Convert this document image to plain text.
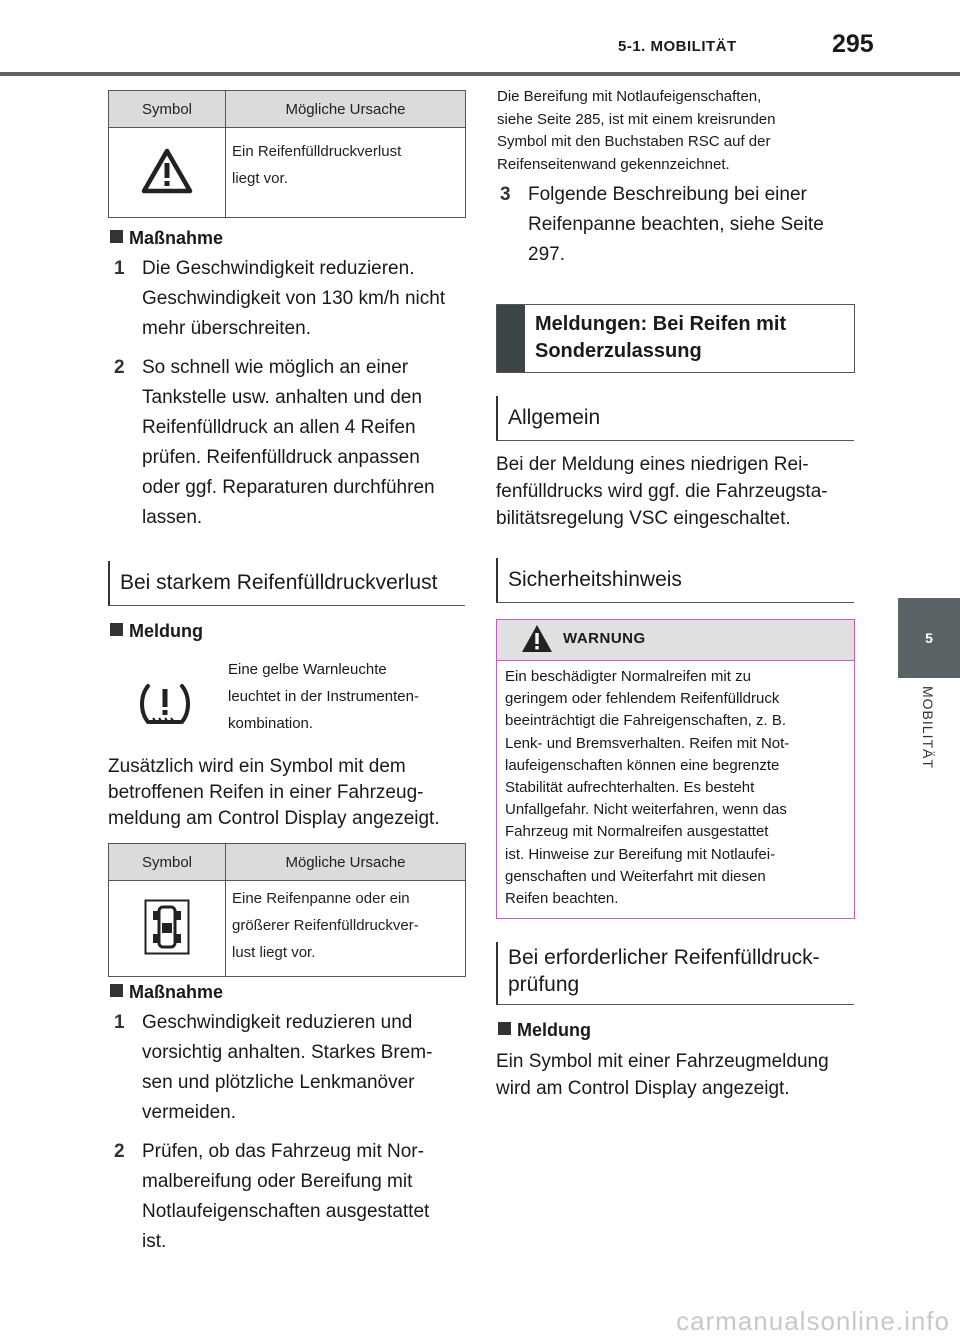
5-1. MOBILITÄT	295
5
MOBILITÄT
Symbol	Mögliche Ursache

Ein Reifenfülldruckverlust
liegt vor.
Maßnahme
1 Die Geschwindigkeit reduzieren.
Geschwindigkeit von 130 km/h nicht
mehr überschreiten.
2 So schnell wie möglich an einer
Tankstelle usw. anhalten und den
Reifenfülldruck an allen 4 Reifen
prüfen. Reifenfülldruck anpassen
oder ggf. Reparaturen durchführen
lassen.
Bei starkem Reifenfülldruckverlust
Meldung
Eine gelbe Warnleuchte
leuchtet in der Instrumenten-
kombination.
Zusätzlich wird ein Symbol mit dem
betroffenen Reifen in einer Fahrzeug-
meldung am Control Display angezeigt.
Symbol	Mögliche Ursache

Eine Reifenpanne oder ein
größerer Reifenfülldruckver-
lust liegt vor.
Maßnahme
1 Geschwindigkeit reduzieren und
vorsichtig anhalten. Starkes Brem-
sen und plötzliche Lenkmanöver
vermeiden.
2 Prüfen, ob das Fahrzeug mit Nor-
malbereifung oder Bereifung mit
Notlaufeigenschaften ausgestattet
ist.
Die Bereifung mit Notlaufeigenschaften,
siehe Seite 285, ist mit einem kreisrunden
Symbol mit den Buchstaben RSC auf der
Reifenseitenwand gekennzeichnet.
3 Folgende Beschreibung bei einer
Reifenpanne beachten, siehe Seite
297.
Meldungen: Bei Reifen mit
Sonderzulassung
Allgemein
Bei der Meldung eines niedrigen Rei-
fenfülldrucks wird ggf. die Fahrzeugsta-
bilitätsregelung VSC eingeschaltet.
Sicherheitshinweis
WARNUNG
Ein beschädigter Normalreifen mit zu
geringem oder fehlendem Reifenfülldruck
beeinträchtigt die Fahreigenschaften, z. B.
Lenk- und Bremsverhalten. Reifen mit Not-
laufeigenschaften können eine begrenzte
Stabilität aufrechterhalten. Es besteht
Unfallgefahr. Nicht weiterfahren, wenn das
Fahrzeug mit Normalreifen ausgestattet
ist. Hinweise zur Bereifung mit Notlaufei-
genschaften und Weiterfahrt mit diesen
Reifen beachten.
Bei erforderlicher Reifenfülldruck-
prüfung
Meldung
Ein Symbol mit einer Fahrzeugmeldung
wird am Control Display angezeigt.
carmanualsonline.info
